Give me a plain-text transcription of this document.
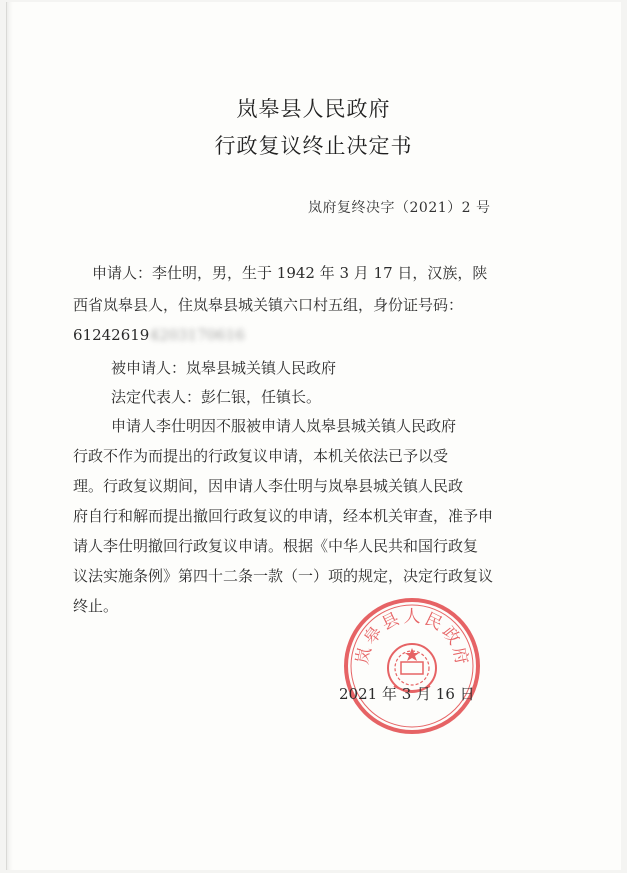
岚皋县人民政府
行政复议终止决定书
岚府复终决字（2021）2 号
申请人：李仕明，男，生于 1942 年 3 月 17 日，汉族，陕
西省岚皋县人，住岚皋县城关镇六口村五组，身份证号码：
612426194203170616
被申请人：岚皋县城关镇人民政府
法定代表人：彭仁银，任镇长。
申请人李仕明因不服被申请人岚皋县城关镇人民政府
行政不作为而提出的行政复议申请，本机关依法已予以受
理。行政复议期间，因申请人李仕明与岚皋县城关镇人民政
府自行和解而提出撤回行政复议的申请，经本机关审查，准予申
请人李仕明撤回行政复议申请。根据《中华人民共和国行政复
议法实施条例》第四十二条一款（一）项的规定，决定行政复议
终止。
岚
皋
县 人 民
政
府
2021 年 3 月 16 日
